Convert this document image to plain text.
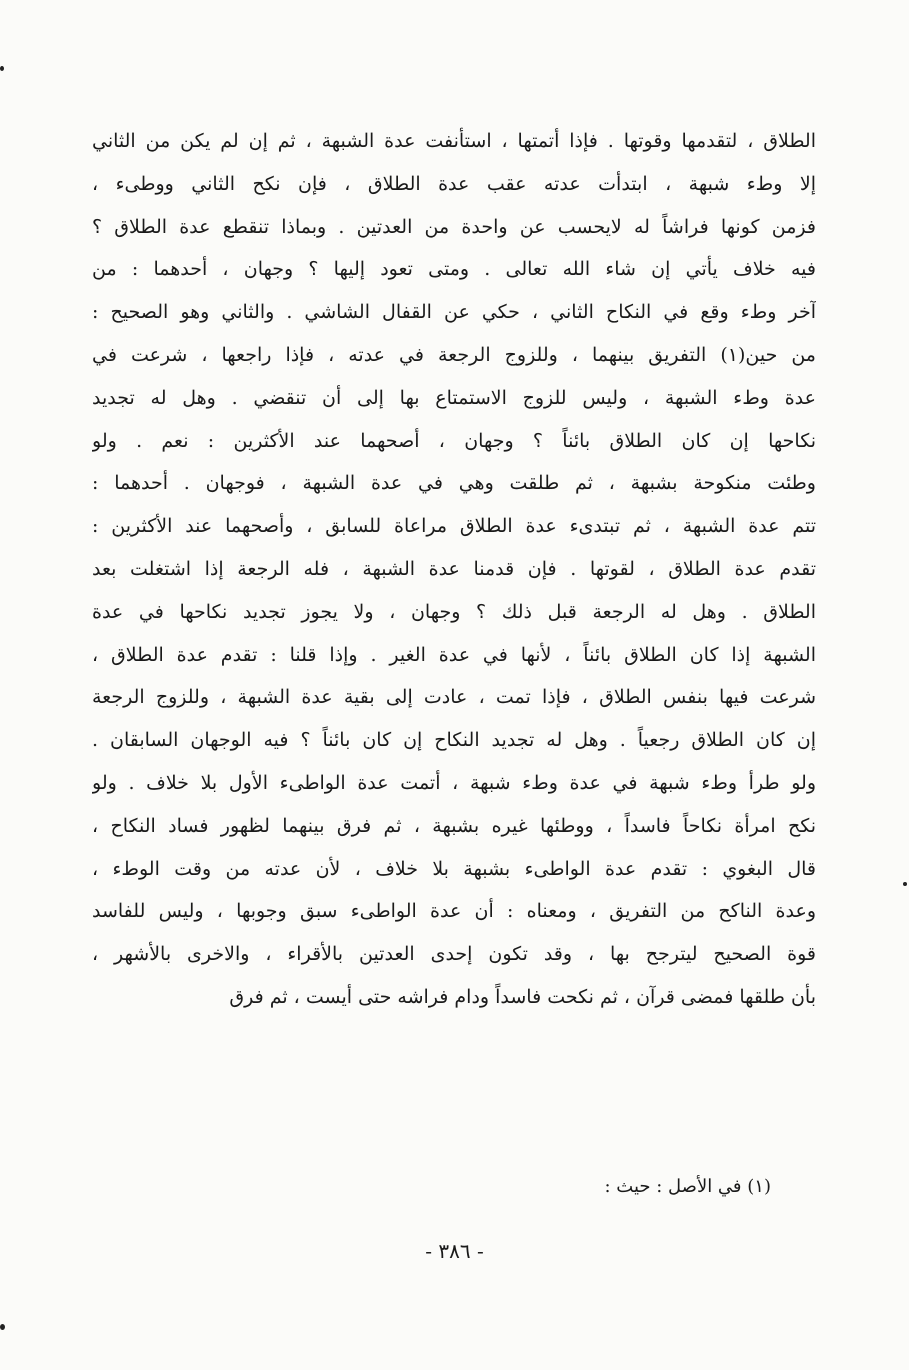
الطلاق ، لتقدمها وقوتها . فإذا أتمتها ، استأنفت عدة الشبهة ، ثم إن لم يكن من الثاني
إلا وطء شبهة ، ابتدأت عدته عقب عدة الطلاق ، فإن نكح الثاني ووطىء ،
فزمن كونها فراشاً له لايحسب عن واحدة من العدتين . وبماذا تنقطع عدة الطلاق ؟
فيه خلاف يأتي إن شاء الله تعالى . ومتى تعود إليها ؟ وجهان ، أحدهما : من
آخر وطء وقع في النكاح الثاني ، حكي عن القفال الشاشي . والثاني وهو الصحيح :
من حين(١) التفريق بينهما ، وللزوج الرجعة في عدته ، فإذا راجعها ، شرعت في
عدة وطء الشبهة ، وليس للزوج الاستمتاع بها إلى أن تنقضي . وهل له تجديد
نكاحها إن كان الطلاق بائناً ؟ وجهان ، أصحهما عند الأكثرين : نعم . ولو
وطئت منكوحة بشبهة ، ثم طلقت وهي في عدة الشبهة ، فوجهان . أحدهما :
تتم عدة الشبهة ، ثم تبتدىء عدة الطلاق مراعاة للسابق ، وأصحهما عند الأكثرين :
تقدم عدة الطلاق ، لقوتها . فإن قدمنا عدة الشبهة ، فله الرجعة إذا اشتغلت بعد
الطلاق . وهل له الرجعة قبل ذلك ؟ وجهان ، ولا يجوز تجديد نكاحها في عدة
الشبهة إذا كان الطلاق بائناً ، لأنها في عدة الغير . وإذا قلنا : تقدم عدة الطلاق ،
شرعت فيها بنفس الطلاق ، فإذا تمت ، عادت إلى بقية عدة الشبهة ، وللزوج الرجعة
إن كان الطلاق رجعياً . وهل له تجديد النكاح إن كان بائناً ؟ فيه الوجهان السابقان .
ولو طرأ وطء شبهة في عدة وطء شبهة ، أتمت عدة الواطىء الأول بلا خلاف . ولو
نكح امرأة نكاحاً فاسداً ، ووطئها غيره بشبهة ، ثم فرق بينهما لظهور فساد النكاح ،
قال البغوي : تقدم عدة الواطىء بشبهة بلا خلاف ، لأن عدته من وقت الوطء ،
وعدة الناكح من التفريق ، ومعناه : أن عدة الواطىء سبق وجوبها ، وليس للفاسد
قوة الصحيح ليترجح بها ، وقد تكون إحدى العدتين بالأقراء ، والاخرى بالأشهر ،
بأن طلقها فمضى قرآن ، ثم نكحت فاسداً ودام فراشه حتى أيست ، ثم فرق
(١) في الأصل : حيث :
- ٣٨٦ -
